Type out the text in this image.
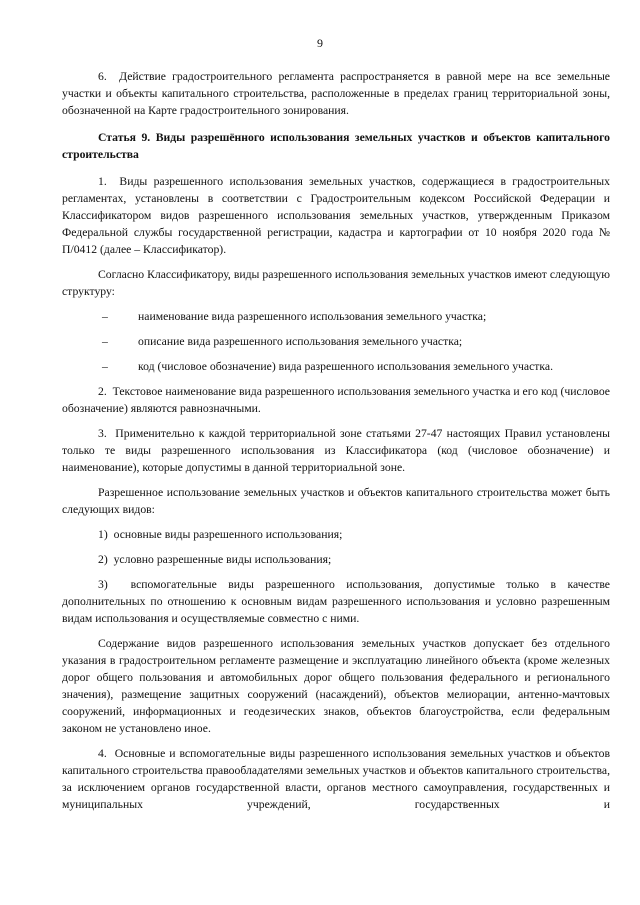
9

6.  Действие градостроительного регламента распространяется в равной мере на все земельные участки и объекты капитального строительства, расположенные в пределах границ территориальной зоны, обозначенной на Карте градостроительного зонирования.

Статья 9. Виды разрешённого использования земельных участков и объектов капитального строительства

1.  Виды разрешенного использования земельных участков, содержащиеся в градостроительных регламентах, установлены в соответствии с Градостроительным кодексом Российской Федерации и Классификатором видов разрешенного использования земельных участков, утвержденным Приказом Федеральной службы государственной регистрации, кадастра и картографии от 10 ноября 2020 года № П/0412 (далее – Классификатор).

Согласно Классификатору, виды разрешенного использования земельных участков имеют следующую структуру:

–	наименование вида разрешенного использования земельного участка;
–	описание вида разрешенного использования земельного участка;
–	код (числовое обозначение) вида разрешенного использования земельного участка.

2.  Текстовое наименование вида разрешенного использования земельного участка и его код (числовое обозначение) являются равнозначными.

3.  Применительно к каждой территориальной зоне статьями 27-47 настоящих Правил установлены только те виды разрешенного использования из Классификатора (код (числовое обозначение) и наименование), которые допустимы в данной территориальной зоне.

Разрешенное использование земельных участков и объектов капитального строительства может быть следующих видов:

1)  основные виды разрешенного использования;
2)  условно разрешенные виды использования;

3)  вспомогательные виды разрешенного использования, допустимые только в качестве дополнительных по отношению к основным видам разрешенного использования и условно разрешенным видам использования и осуществляемые совместно с ними.

Содержание видов разрешенного использования земельных участков допускает без отдельного указания в градостроительном регламенте размещение и эксплуатацию линейного объекта (кроме железных дорог общего пользования и автомобильных дорог общего пользования федерального и регионального значения), размещение защитных сооружений (насаждений), объектов мелиорации, антенно-мачтовых сооружений, информационных и геодезических знаков, объектов благоустройства, если федеральным законом не установлено иное.

4.  Основные и вспомогательные виды разрешенного использования земельных участков и объектов капитального строительства правообладателями земельных участков и объектов капитального строительства, за исключением органов государственной власти, органов местного самоуправления, государственных и муниципальных учреждений, государственных и
